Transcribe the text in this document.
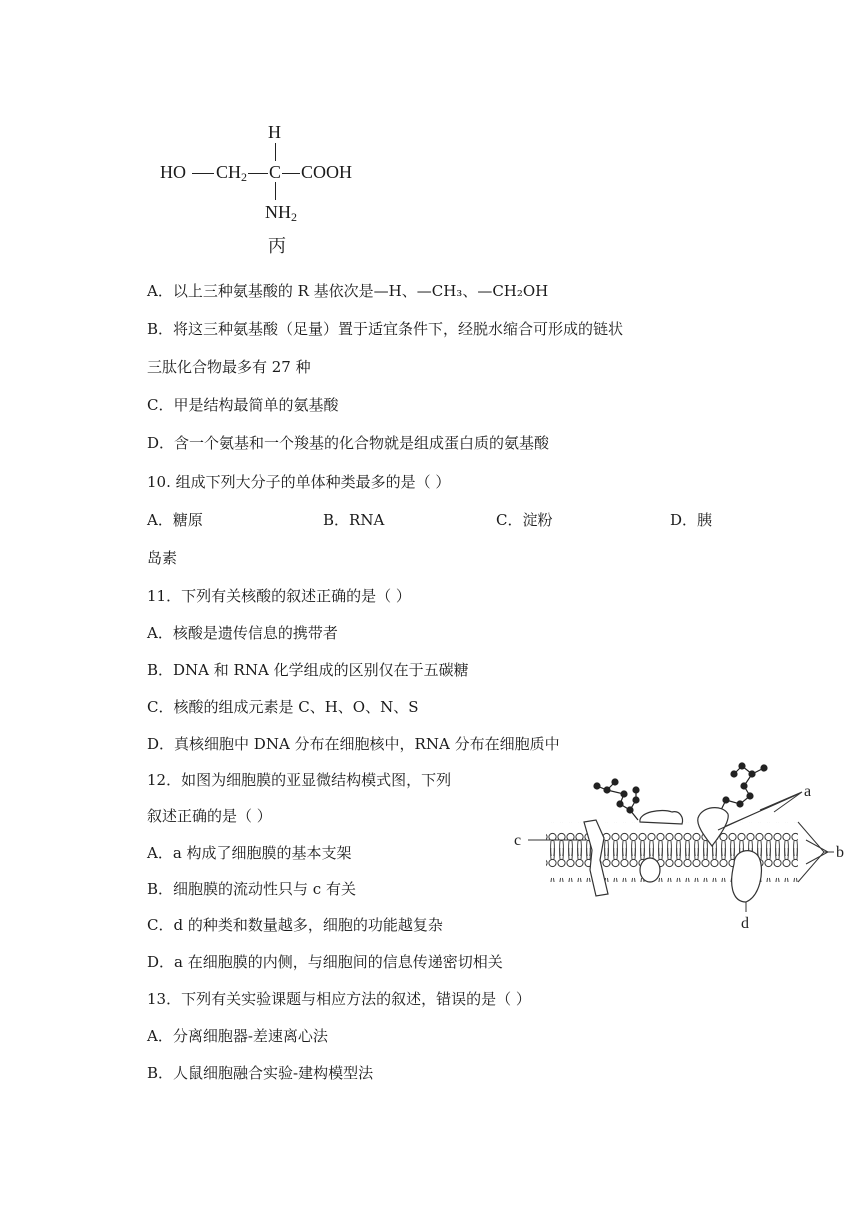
H
HO $CH_2$ C COOH
$NH_2$
丙
A．以上三种氨基酸的 R 基依次是—H、—CH₃、—CH₂OH
B．将这三种氨基酸（足量）置于适宜条件下，经脱水缩合可形成的链状
三肽化合物最多有 27 种
C．甲是结构最简单的氨基酸
D．含一个氨基和一个羧基的化合物就是组成蛋白质的氨基酸
10. 组成下列大分子的单体种类最多的是（ ）
A．糖原	B．RNA	C．淀粉	D．胰
岛素
11．下列有关核酸的叙述正确的是（ ）
A．核酸是遗传信息的携带者
B．DNA 和 RNA 化学组成的区别仅在于五碳糖
C．核酸的组成元素是 C、H、O、N、S
D．真核细胞中 DNA 分布在细胞核中，RNA 分布在细胞质中
12．如图为细胞膜的亚显微结构模式图，下列
叙述正确的是（ ）
A．a 构成了细胞膜的基本支架
B．细胞膜的流动性只与 c 有关
C．d 的种类和数量越多，细胞的功能越复杂
D．a 在细胞膜的内侧，与细胞间的信息传递密切相关
a
b
c
d
13．下列有关实验课题与相应方法的叙述，错误的是（ ）
A．分离细胞器-差速离心法
B．人鼠细胞融合实验-建构模型法
